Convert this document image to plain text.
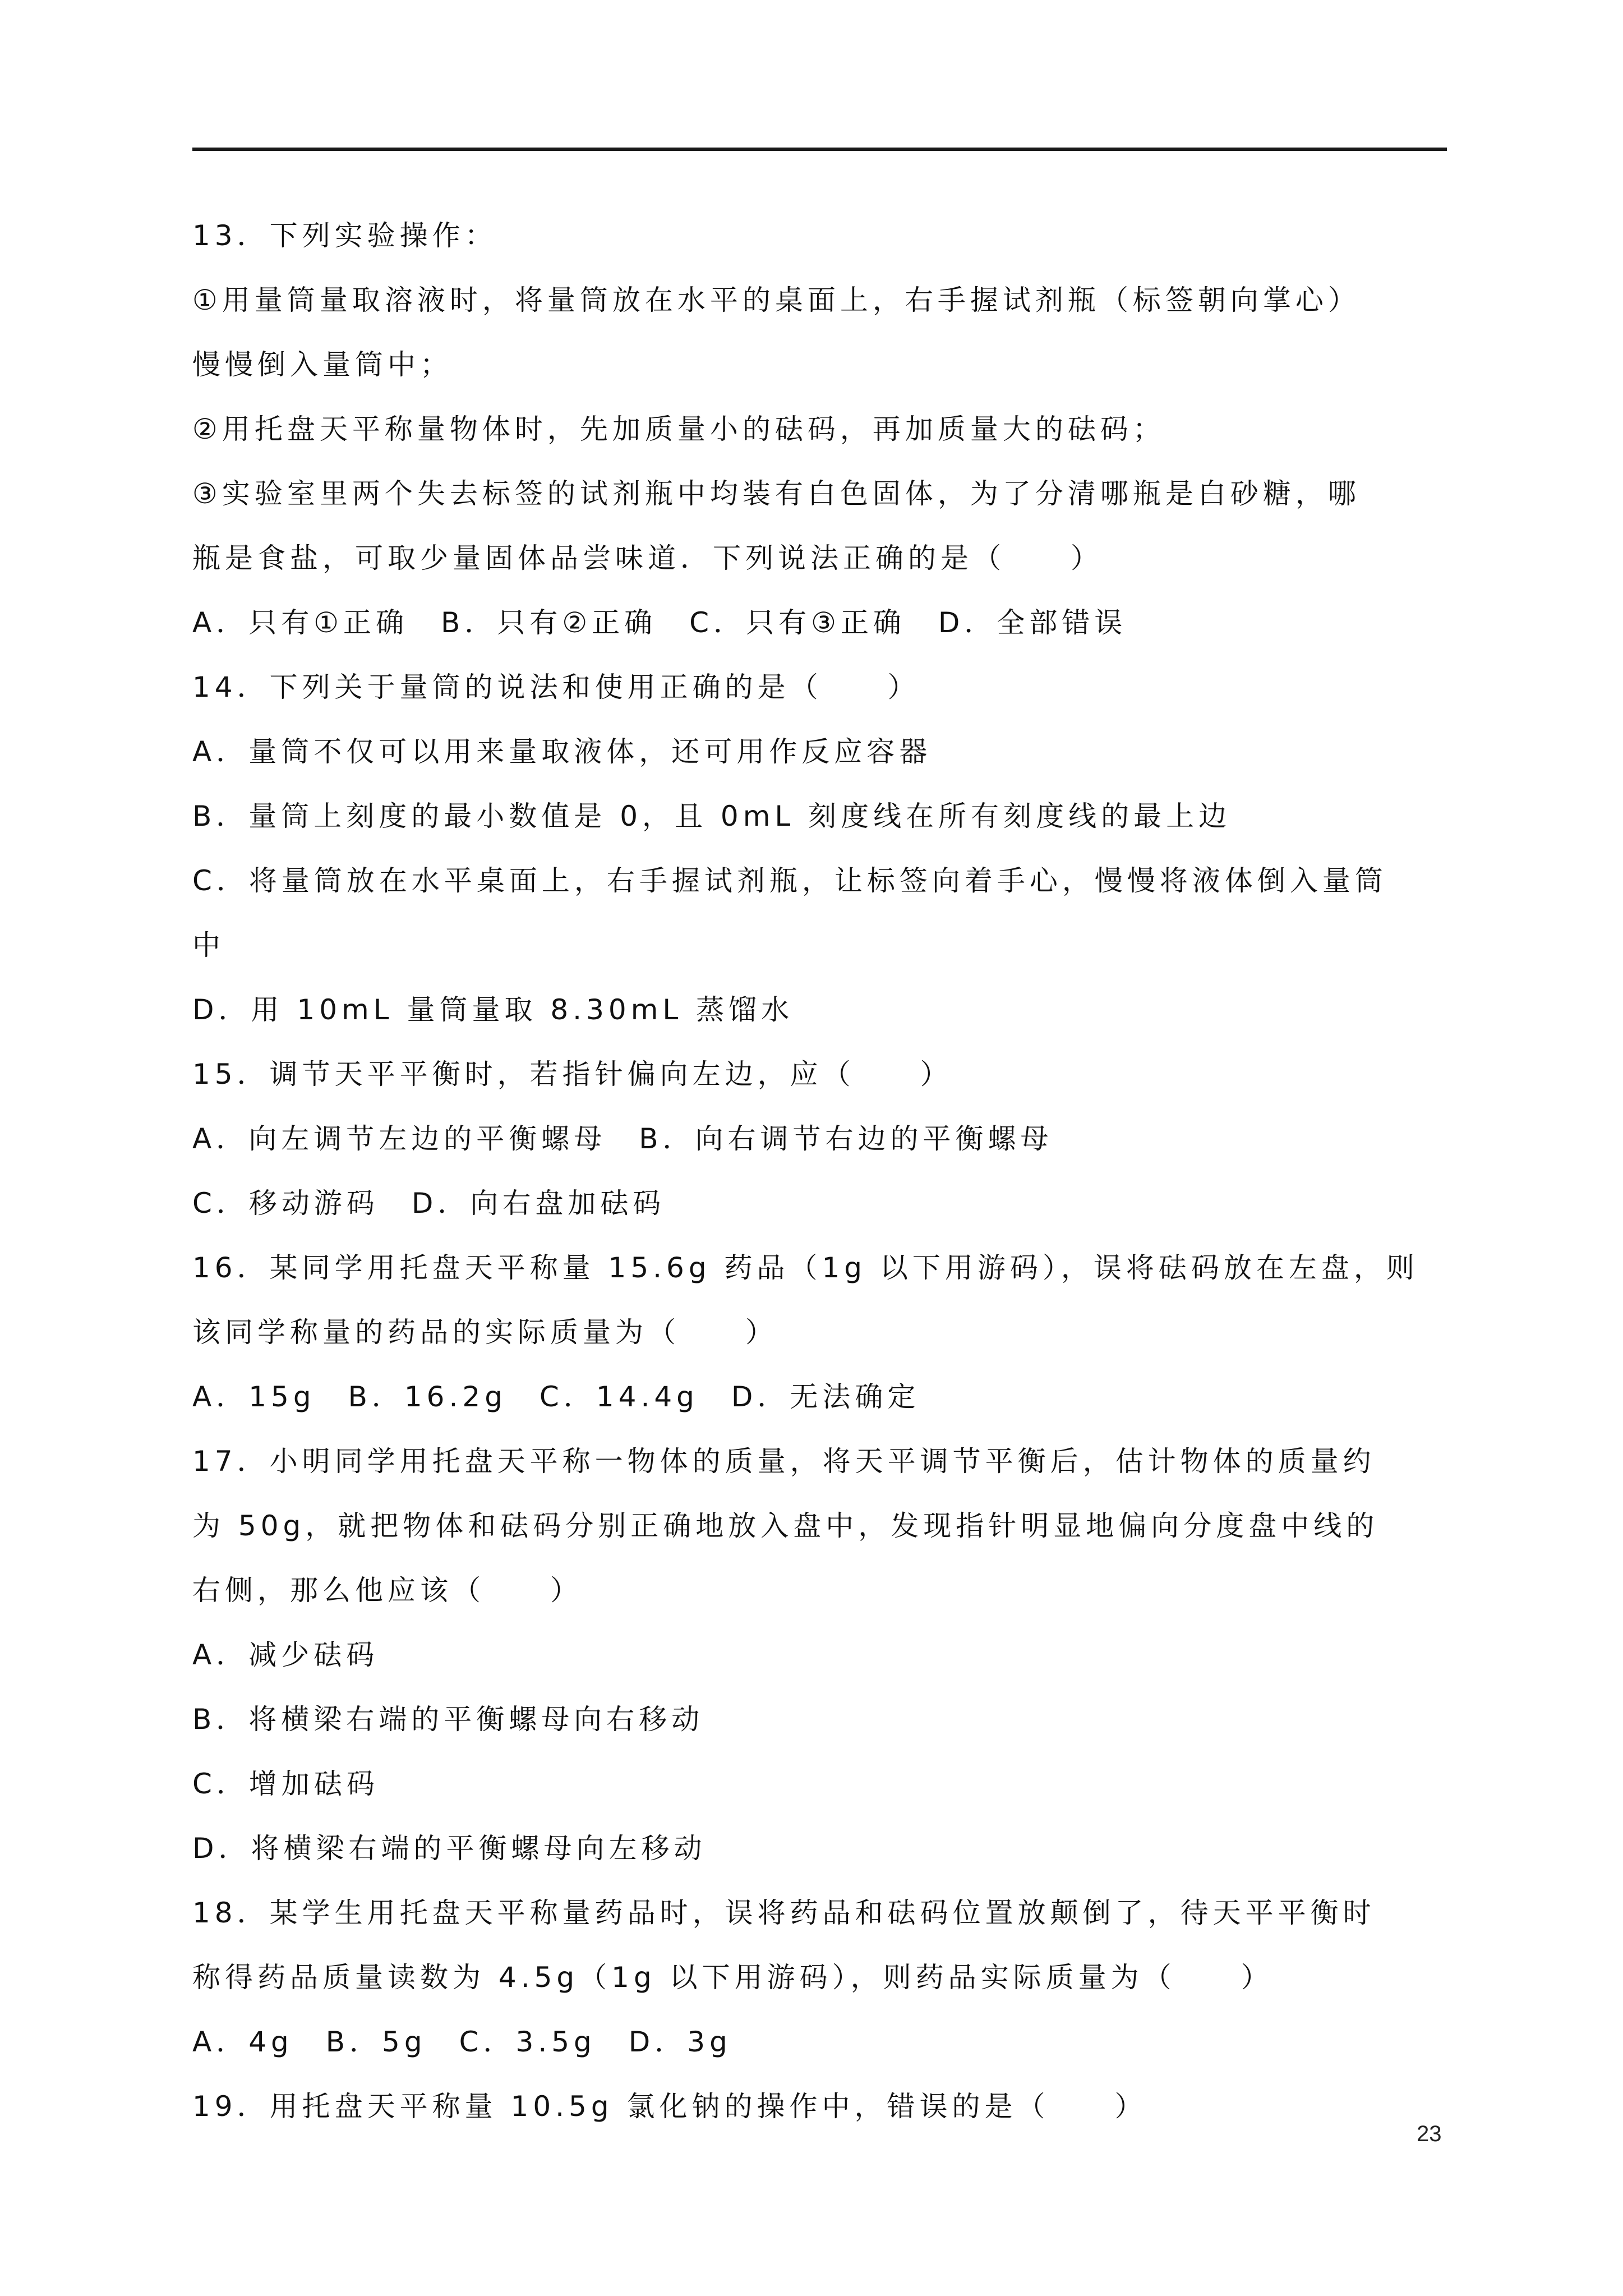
13．下列实验操作：
①用量筒量取溶液时，将量筒放在水平的桌面上，右手握试剂瓶（标签朝向掌心）
慢慢倒入量筒中；
②用托盘天平称量物体时，先加质量小的砝码，再加质量大的砝码；
③实验室里两个失去标签的试剂瓶中均装有白色固体，为了分清哪瓶是白砂糖，哪
瓶是食盐，可取少量固体品尝味道．下列说法正确的是（　　）
A．只有①正确　B．只有②正确　C．只有③正确　D．全部错误
14．下列关于量筒的说法和使用正确的是（　　）
A．量筒不仅可以用来量取液体，还可用作反应容器
B．量筒上刻度的最小数值是 0，且 0mL 刻度线在所有刻度线的最上边
C．将量筒放在水平桌面上，右手握试剂瓶，让标签向着手心，慢慢将液体倒入量筒
中
D．用 10mL 量筒量取 8.30mL 蒸馏水
15．调节天平平衡时，若指针偏向左边，应（　　）
A．向左调节左边的平衡螺母　B．向右调节右边的平衡螺母
C．移动游码　D．向右盘加砝码
16．某同学用托盘天平称量 15.6g 药品（1g 以下用游码），误将砝码放在左盘，则
该同学称量的药品的实际质量为（　　）
A．15g　B．16.2g　C．14.4g　D．无法确定
17．小明同学用托盘天平称一物体的质量，将天平调节平衡后，估计物体的质量约
为 50g，就把物体和砝码分别正确地放入盘中，发现指针明显地偏向分度盘中线的
右侧，那么他应该（　　）
A．减少砝码
B．将横梁右端的平衡螺母向右移动
C．增加砝码
D．将横梁右端的平衡螺母向左移动
18．某学生用托盘天平称量药品时，误将药品和砝码位置放颠倒了，待天平平衡时
称得药品质量读数为 4.5g（1g 以下用游码），则药品实际质量为（　　）
A．4g　B．5g　C．3.5g　D．3g
19．用托盘天平称量 10.5g 氯化钠的操作中，错误的是（　　）
23
